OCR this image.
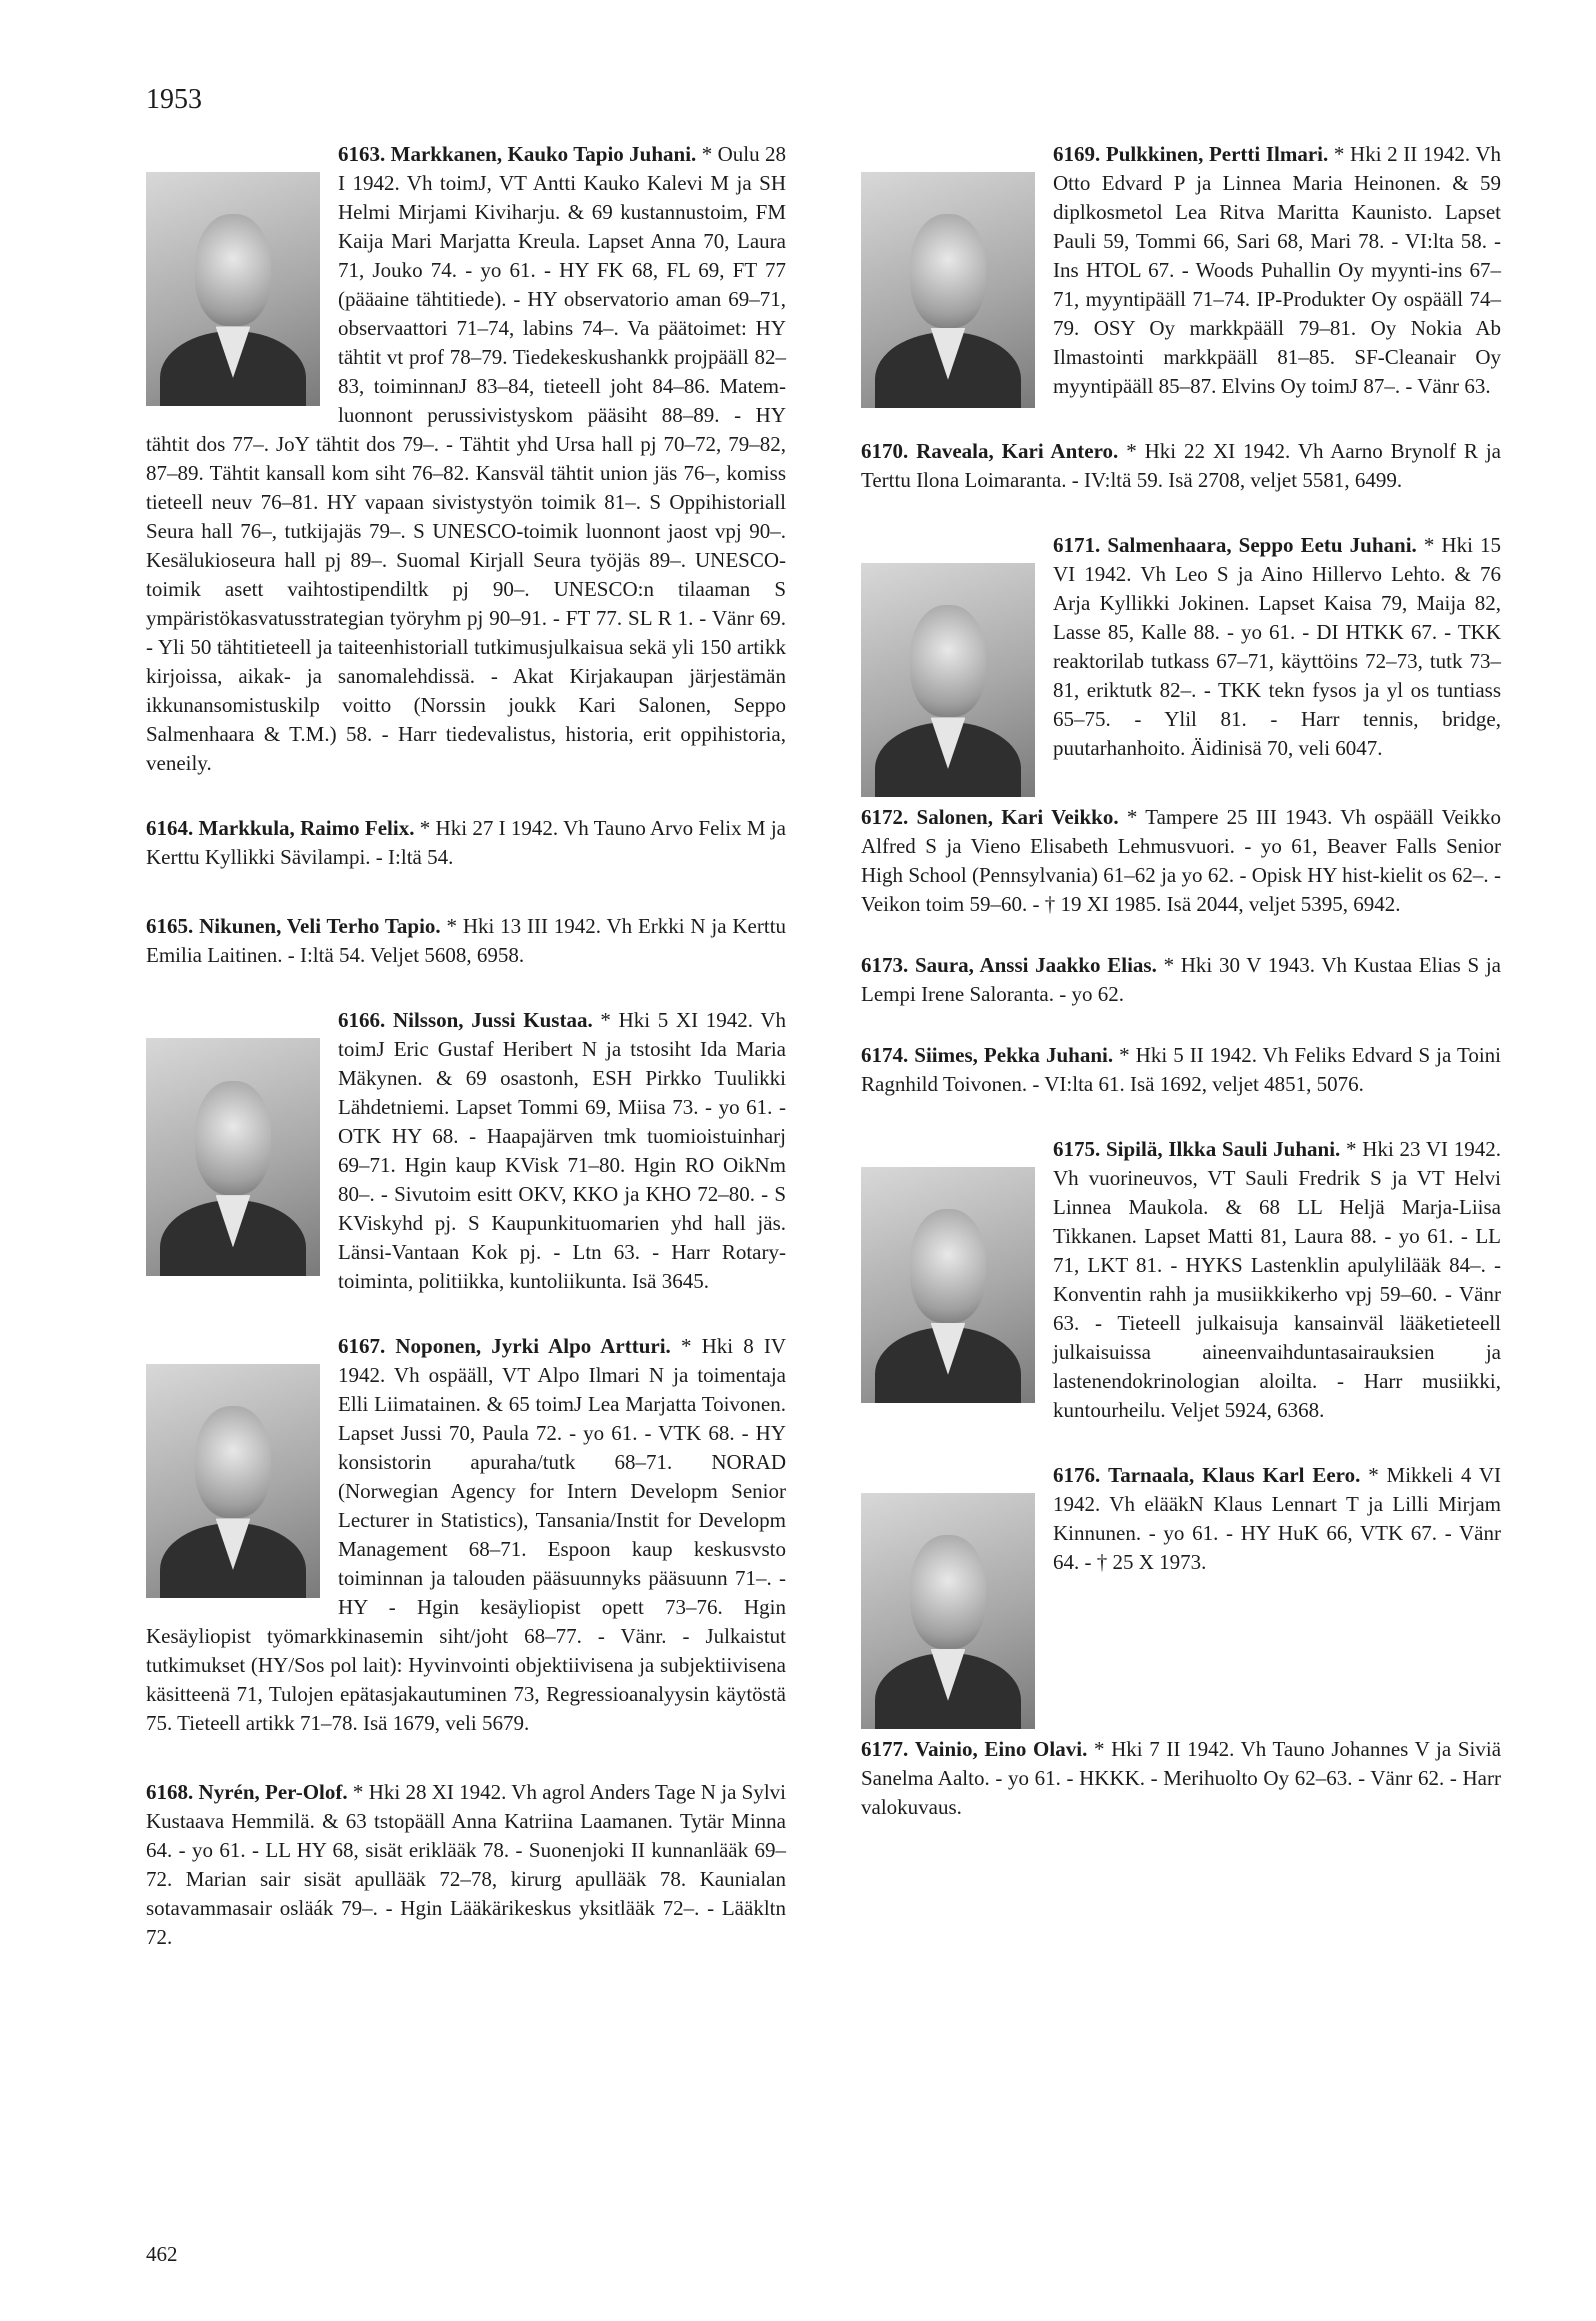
1953

6163. Markkanen, Kauko Tapio Juhani. * Oulu 28 I 1942. Vh toimJ, VT Antti Kauko Kalevi M ja SH Helmi Mirjami Kiviharju. & 69 kustannustoim, FM Kaija Mari Marjatta Kreula. Lapset Anna 70, Laura 71, Jouko 74. - yo 61. - HY FK 68, FL 69, FT 77 (pääaine tähtitiede). - HY observatorio aman 69–71, observaattori 71–74, labins 74–. Va päätoimet: HY tähtit vt prof 78–79. Tiedekeskushankk projpääll 82–83, toiminnanJ 83–84, tieteell joht 84–86. Matem-luonnont perussivistyskom pääsiht 88–89. - HY tähtit dos 77–. JoY tähtit dos 79–. - Tähtit yhd Ursa hall pj 70–72, 79–82, 87–89. Tähtit kansall kom siht 76–82. Kansväl tähtit union jäs 76–, komiss tieteell neuv 76–81. HY vapaan sivistystyön toimik 81–. S Oppihistoriall Seura hall 76–, tutkijajäs 79–. S UNESCO-toimik luonnont jaost vpj 90–. Kesälukioseura hall pj 89–. Suomal Kirjall Seura työjäs 89–. UNESCO-toimik asett vaihtostipendiltk pj 90–. UNESCO:n tilaaman S ympäristökasvatusstrategian työryhm pj 90–91. - FT 77. SL R 1. - Vänr 69. - Yli 50 tähtitieteell ja taiteenhistoriall tutkimusjulkaisua sekä yli 150 artikk kirjoissa, aikak- ja sanomalehdissä. - Akat Kirjakaupan järjestämän ikkunansomistuskilp voitto (Norssin joukk Kari Salonen, Seppo Salmenhaara & T.M.) 58. - Harr tiedevalistus, historia, erit oppihistoria, veneily.

6164. Markkula, Raimo Felix. * Hki 27 I 1942. Vh Tauno Arvo Felix M ja Kerttu Kyllikki Sävilampi. - I:ltä 54.

6165. Nikunen, Veli Terho Tapio. * Hki 13 III 1942. Vh Erkki N ja Kerttu Emilia Laitinen. - I:ltä 54. Veljet 5608, 6958.

6166. Nilsson, Jussi Kustaa. * Hki 5 XI 1942. Vh toimJ Eric Gustaf Heribert N ja tstosiht Ida Maria Mäkynen. & 69 osastonh, ESH Pirkko Tuulikki Lähdetniemi. Lapset Tommi 69, Miisa 73. - yo 61. - OTK HY 68. - Haapajärven tmk tuomioistuinharj 69–71. Hgin kaup KVisk 71–80. Hgin RO OikNm 80–. - Sivutoim esitt OKV, KKO ja KHO 72–80. - S KViskyhd pj. S Kaupunkituomarien yhd hall jäs. Länsi-Vantaan Kok pj. - Ltn 63. - Harr Rotary-toiminta, politiikka, kuntoliikunta. Isä 3645.

6167. Noponen, Jyrki Alpo Artturi. * Hki 8 IV 1942. Vh ospääll, VT Alpo Ilmari N ja toimentaja Elli Liimatainen. & 65 toimJ Lea Marjatta Toivonen. Lapset Jussi 70, Paula 72. - yo 61. - VTK 68. - HY konsistorin apuraha/tutk 68–71. NORAD (Norwegian Agency for Intern Developm Senior Lecturer in Statistics), Tansania/Instit for Developm Management 68–71. Espoon kaup keskusvsto toiminnan ja talouden pääsuunnyks pääsuunn 71–. - HY - Hgin kesäyliopist opett 73–76. Hgin Kesäyliopist työmarkkinasemin siht/joht 68–77. - Vänr. - Julkaistut tutkimukset (HY/Sos pol lait): Hyvinvointi objektiivisena ja subjektiivisena käsitteenä 71, Tulojen epätasjakautuminen 73, Regressioanalyysin käytöstä 75. Tieteell artikk 71–78. Isä 1679, veli 5679.

6168. Nyrén, Per-Olof. * Hki 28 XI 1942. Vh agrol Anders Tage N ja Sylvi Kustaava Hemmilä. & 63 tstopääll Anna Katriina Laamanen. Tytär Minna 64. - yo 61. - LL HY 68, sisät eriklääk 78. - Suonenjoki II kunnanlääk 69–72. Marian sair sisät apullääk 72–78, kirurg apullääk 78. Kaunialan sotavammasair osläák 79–. - Hgin Lääkärikeskus yksitlääk 72–. - Lääkltn 72.

6169. Pulkkinen, Pertti Ilmari. * Hki 2 II 1942. Vh Otto Edvard P ja Linnea Maria Heinonen. & 59 diplkosmetol Lea Ritva Maritta Kaunisto. Lapset Pauli 59, Tommi 66, Sari 68, Mari 78. - VI:lta 58. - Ins HTOL 67. - Woods Puhallin Oy myynti-ins 67–71, myyntipääll 71–74. IP-Produkter Oy ospääll 74–79. OSY Oy markkpääll 79–81. Oy Nokia Ab Ilmastointi markkpääll 81–85. SF-Cleanair Oy myyntipääll 85–87. Elvins Oy toimJ 87–. - Vänr 63.

6170. Raveala, Kari Antero. * Hki 22 XI 1942. Vh Aarno Brynolf R ja Terttu Ilona Loimaranta. - IV:ltä 59. Isä 2708, veljet 5581, 6499.

6171. Salmenhaara, Seppo Eetu Juhani. * Hki 15 VI 1942. Vh Leo S ja Aino Hillervo Lehto. & 76 Arja Kyllikki Jokinen. Lapset Kaisa 79, Maija 82, Lasse 85, Kalle 88. - yo 61. - DI HTKK 67. - TKK reaktorilab tutkass 67–71, käyttöins 72–73, tutk 73–81, eriktutk 82–. - TKK tekn fysos ja yl os tuntiass 65–75. - Ylil 81. - Harr tennis, bridge, puutarhanhoito. Äidinisä 70, veli 6047.

6172. Salonen, Kari Veikko. * Tampere 25 III 1943. Vh ospääll Veikko Alfred S ja Vieno Elisabeth Lehmusvuori. - yo 61, Beaver Falls Senior High School (Pennsylvania) 61–62 ja yo 62. - Opisk HY hist-kielit os 62–. - Veikon toim 59–60. - † 19 XI 1985. Isä 2044, veljet 5395, 6942.

6173. Saura, Anssi Jaakko Elias. * Hki 30 V 1943. Vh Kustaa Elias S ja Lempi Irene Saloranta. - yo 62.

6174. Siimes, Pekka Juhani. * Hki 5 II 1942. Vh Feliks Edvard S ja Toini Ragnhild Toivonen. - VI:lta 61. Isä 1692, veljet 4851, 5076.

6175. Sipilä, Ilkka Sauli Juhani. * Hki 23 VI 1942. Vh vuorineuvos, VT Sauli Fredrik S ja VT Helvi Linnea Maukola. & 68 LL Heljä Marja-Liisa Tikkanen. Lapset Matti 81, Laura 88. - yo 61. - LL 71, LKT 81. - HYKS Lastenklin apulylilääk 84–. - Konventin rahh ja musiikkikerho vpj 59–60. - Vänr 63. - Tieteell julkaisuja kansainväl lääketieteell julkaisuissa aineenvaihduntasairauksien ja lastenendokrinologian aloilta. - Harr musiikki, kuntourheilu. Veljet 5924, 6368.

6176. Tarnaala, Klaus Karl Eero. * Mikkeli 4 VI 1942. Vh elääkN Klaus Lennart T ja Lilli Mirjam Kinnunen. - yo 61. - HY HuK 66, VTK 67. - Vänr 64. - † 25 X 1973.

6177. Vainio, Eino Olavi. * Hki 7 II 1942. Vh Tauno Johannes V ja Siviä Sanelma Aalto. - yo 61. - HKKK. - Merihuolto Oy 62–63. - Vänr 62. - Harr valokuvaus.

462
